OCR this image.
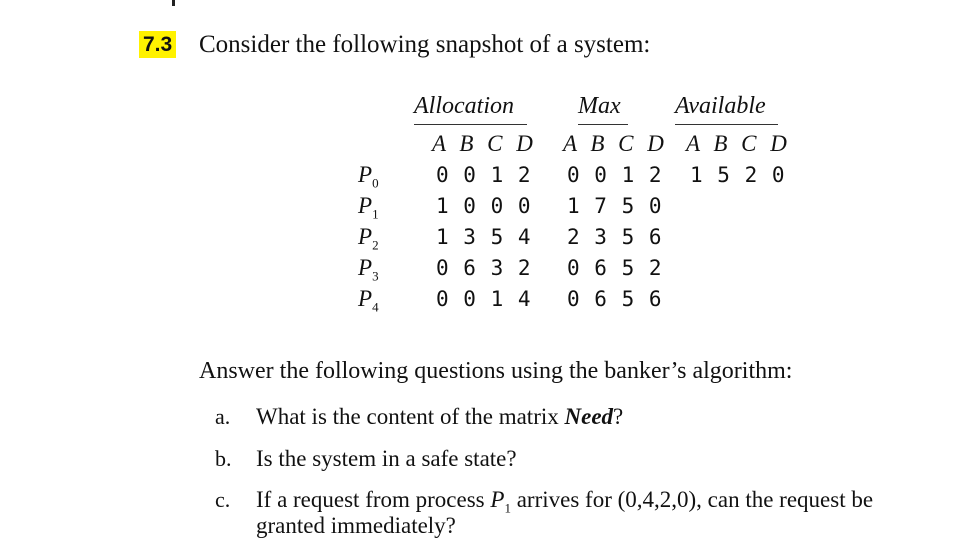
7.3 Consider the following snapshot of a system:
Allocation	Max Available
A B C D A B C D A B C D
$P_0$
$P_1$
$P_2$
$P_3$
$P_4$
0 0 1 2
1 0 0 0
1 3 5 4
0 6 3 2
0 0 1 4
0 0 1 2
1 7 5 0
2 3 5 6
0 6 5 2
0 6 5 6
1 5 2 0
Answer the following questions using the banker’s algorithm:
a. What is the content of the matrix Need?
b. Is the system in a safe state?
c. If a request from process $P_1$ arrives for (0,4,2,0), can the request be
granted immediately?
